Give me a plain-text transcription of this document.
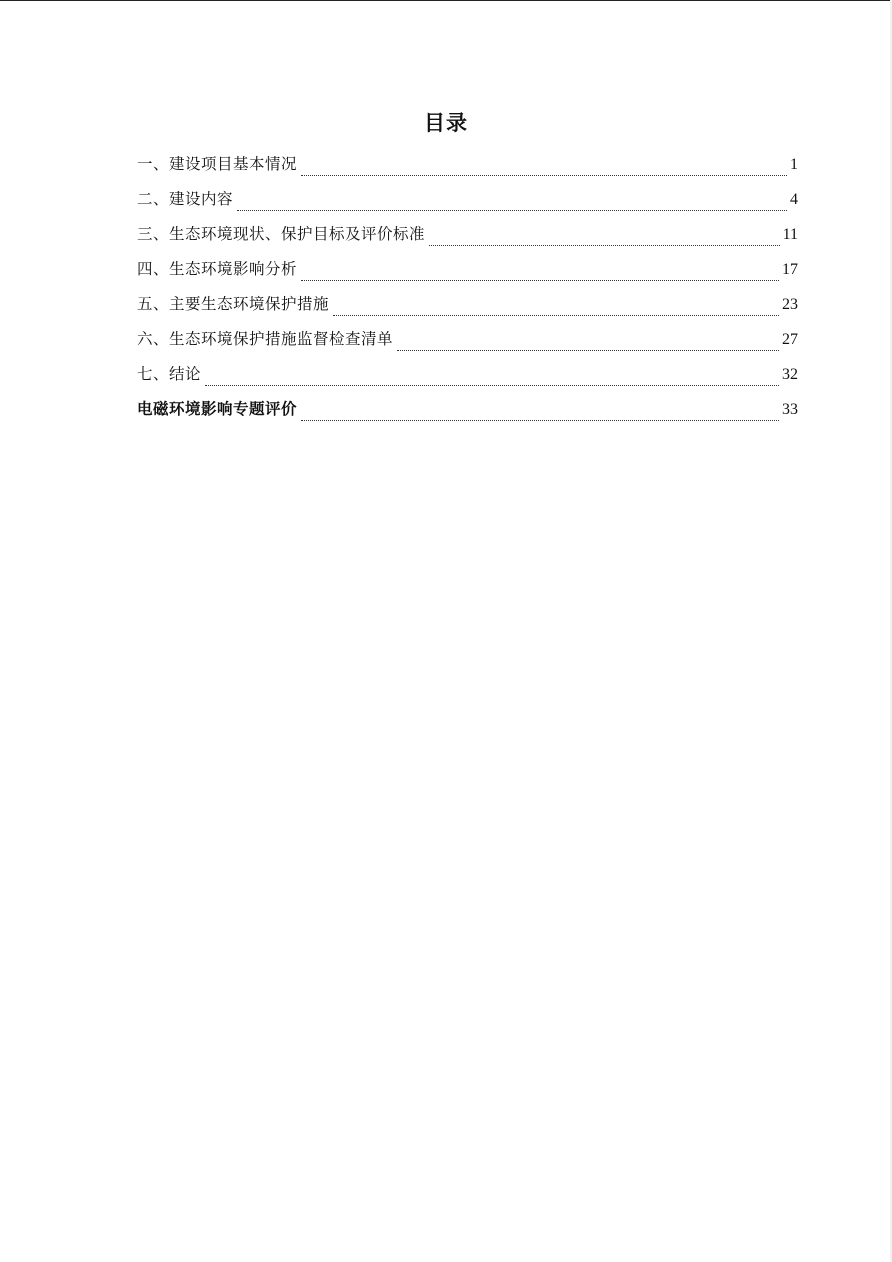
目录
一、建设项目基本情况	1
二、建设内容	4
三、生态环境现状、保护目标及评价标准	11
四、生态环境影响分析	17
五、主要生态环境保护措施	23
六、生态环境保护措施监督检查清单	27
七、结论	32
电磁环境影响专题评价	33
